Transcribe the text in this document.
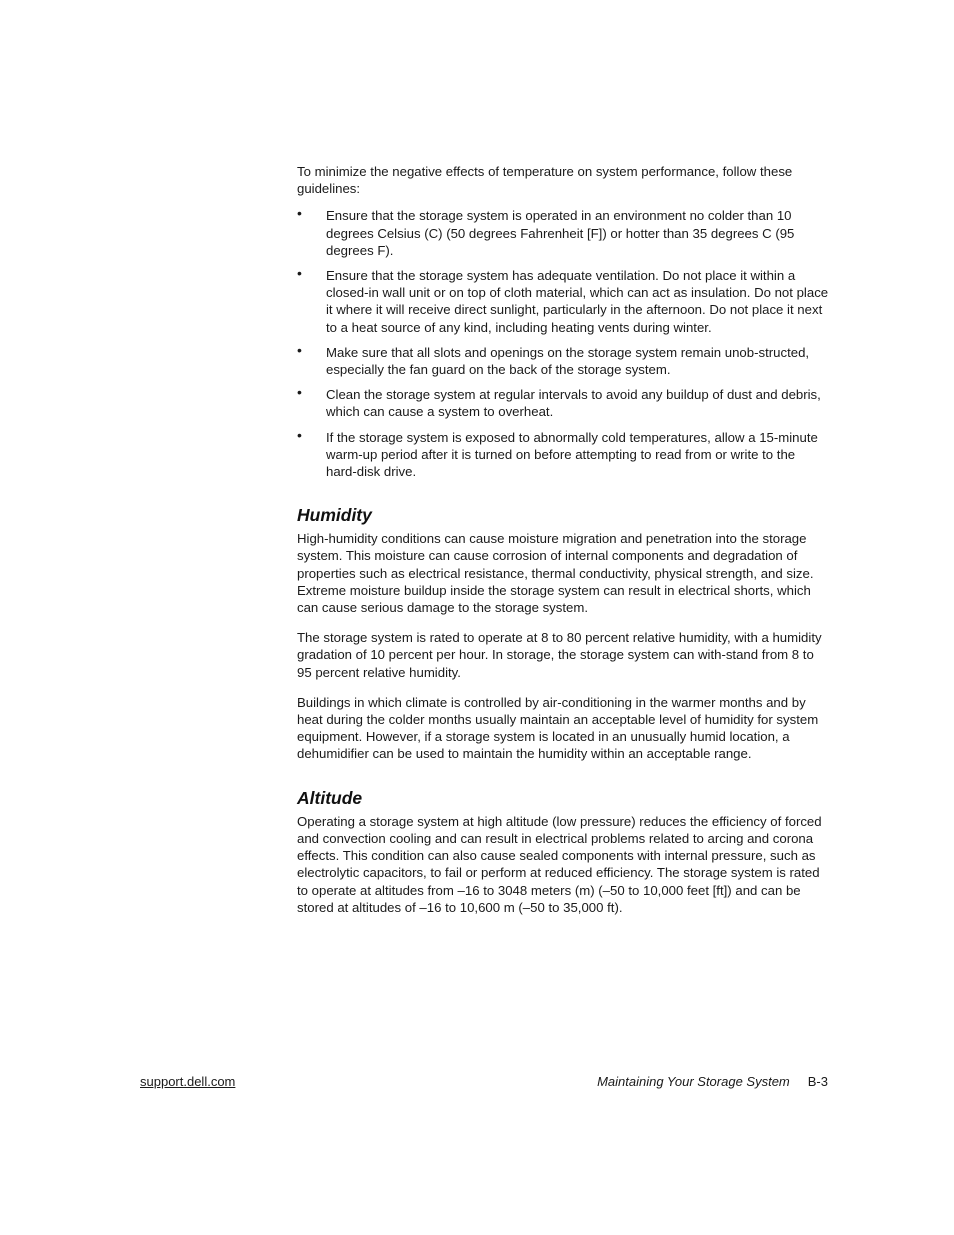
To minimize the negative effects of temperature on system performance, follow these guidelines:

• Ensure that the storage system is operated in an environment no colder than 10 degrees Celsius (C) (50 degrees Fahrenheit [F]) or hotter than 35 degrees C (95 degrees F).
• Ensure that the storage system has adequate ventilation. Do not place it within a closed-in wall unit or on top of cloth material, which can act as insulation. Do not place it where it will receive direct sunlight, particularly in the afternoon. Do not place it next to a heat source of any kind, including heating vents during winter.
• Make sure that all slots and openings on the storage system remain unob-structed, especially the fan guard on the back of the storage system.
• Clean the storage system at regular intervals to avoid any buildup of dust and debris, which can cause a system to overheat.
• If the storage system is exposed to abnormally cold temperatures, allow a 15-minute warm-up period after it is turned on before attempting to read from or write to the hard-disk drive.
Humidity

High-humidity conditions can cause moisture migration and penetration into the storage system. This moisture can cause corrosion of internal components and degradation of properties such as electrical resistance, thermal conductivity, physical strength, and size. Extreme moisture buildup inside the storage system can result in electrical shorts, which can cause serious damage to the storage system.

The storage system is rated to operate at 8 to 80 percent relative humidity, with a humidity gradation of 10 percent per hour. In storage, the storage system can with-stand from 8 to 95 percent relative humidity.

Buildings in which climate is controlled by air-conditioning in the warmer months and by heat during the colder months usually maintain an acceptable level of humidity for system equipment. However, if a storage system is located in an unusually humid location, a dehumidifier can be used to maintain the humidity within an acceptable range.

Altitude

Operating a storage system at high altitude (low pressure) reduces the efficiency of forced and convection cooling and can result in electrical problems related to arcing and corona effects. This condition can also cause sealed components with internal pressure, such as electrolytic capacitors, to fail or perform at reduced efficiency. The storage system is rated to operate at altitudes from –16 to 3048 meters (m) (–50 to 10,000 feet [ft]) and can be stored at altitudes of –16 to 10,600 m (–50 to 35,000 ft).

support.dell.com	Maintaining Your Storage System B-3
